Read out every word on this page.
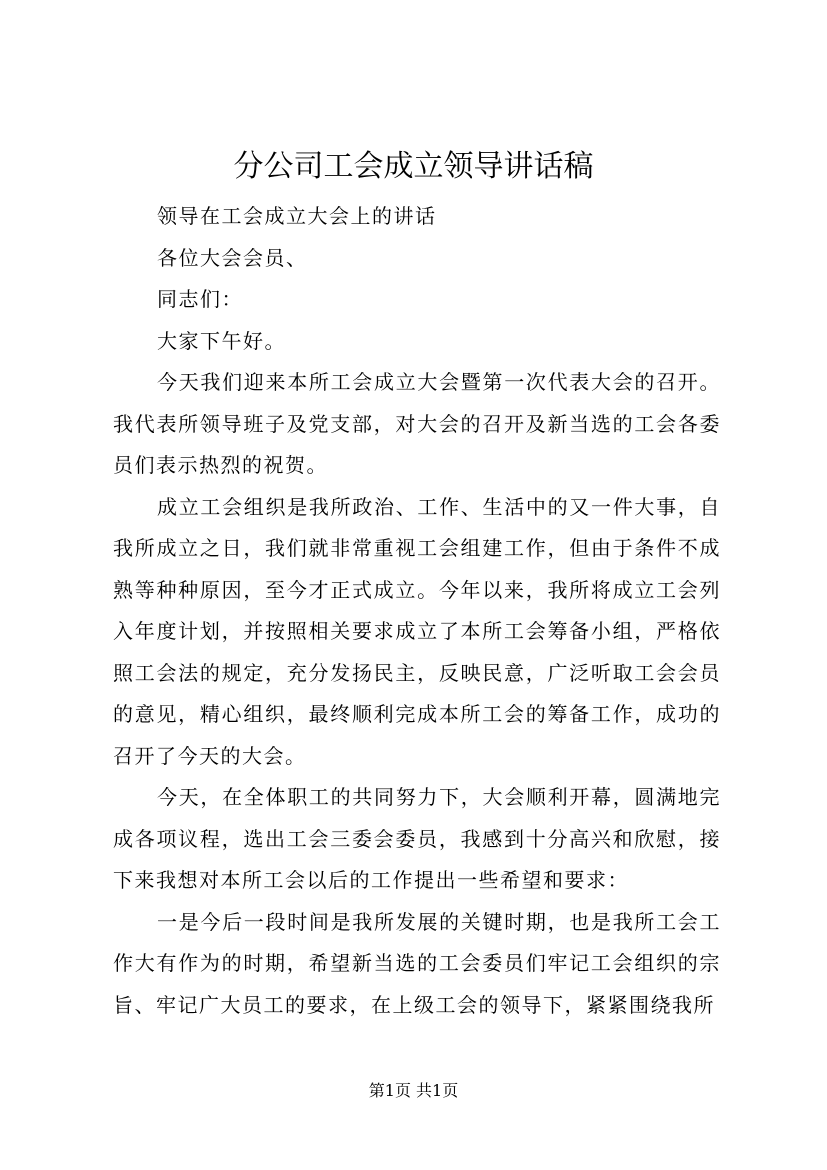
分公司工会成立领导讲话稿

领导在工会成立大会上的讲话

各位大会会员、

同志们：

大家下午好。

今天我们迎来本所工会成立大会暨第一次代表大会的召开。我代表所领导班子及党支部，对大会的召开及新当选的工会各委员们表示热烈的祝贺。

成立工会组织是我所政治、工作、生活中的又一件大事，自我所成立之日，我们就非常重视工会组建工作，但由于条件不成熟等种种原因，至今才正式成立。今年以来，我所将成立工会列入年度计划，并按照相关要求成立了本所工会筹备小组，严格依照工会法的规定，充分发扬民主，反映民意，广泛听取工会会员的意见，精心组织，最终顺利完成本所工会的筹备工作，成功的召开了今天的大会。

今天，在全体职工的共同努力下，大会顺利开幕，圆满地完成各项议程，选出工会三委会委员，我感到十分高兴和欣慰，接下来我想对本所工会以后的工作提出一些希望和要求：

一是今后一段时间是我所发展的关键时期，也是我所工会工作大有作为的时期，希望新当选的工会委员们牢记工会组织的宗旨、牢记广大员工的要求，在上级工会的领导下，紧紧围绕我所

第1页 共1页
